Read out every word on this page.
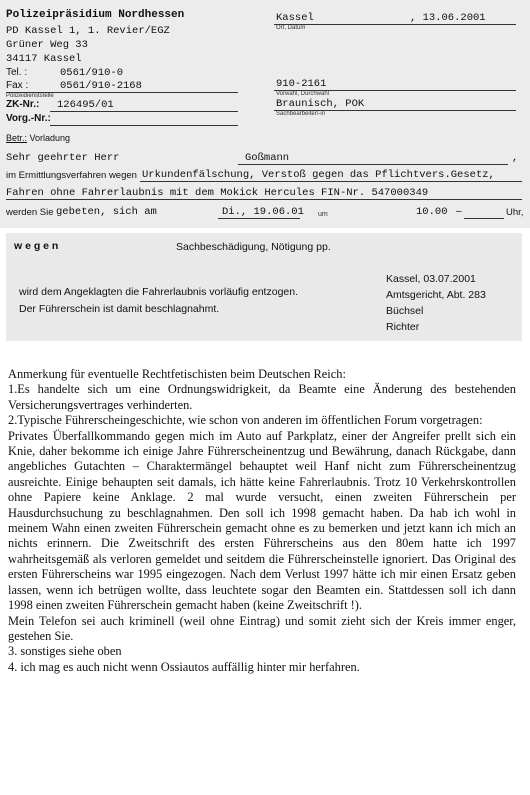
Polizeipräsidium Nordhessen
PD Kassel 1, 1. Revier/EGZ
Grüner Weg 33
34117 Kassel
Tel. :	0561/910-0
Fax :	0561/910-2168
Polizeidienststelle
ZK-Nr.: 126495/01
Vorg.-Nr.:
Betr.: Vorladung
Kassel	, 13.06.2001
Ort, Datum
910-2161
Vorwahl, Durchwahl
Braunisch, POK
Sachbearbeiter/-in
Sehr geehrter Herr	Goßmann	,
im Ermittlungsverfahren wegen Urkundenfälschung, Verstoß gegen das Pflichtvers.Gesetz,
Fahren ohne Fahrerlaubnis mit dem Mokick Hercules FIN-Nr. 547000349
werden Sie gebeten, sich am	Di., 19.06.01 um	10.00 –	Uhr,
w e g e n	Sachbeschädigung, Nötigung pp.
wird dem Angeklagten die Fahrerlaubnis vorläufig entzogen.
Der Führerschein ist damit beschlagnahmt.
Kassel, 03.07.2001
Amtsgericht, Abt. 283
Büchsel
Richter

Anmerkung für eventuelle Rechtfetischisten beim Deutschen Reich:

1.Es handelte sich um eine Ordnungswidrigkeit, da Beamte eine Änderung des bestehenden Versicherungsvertrages verhinderten.

2.Typische Führerscheingeschichte, wie schon von anderen im öffentlichen Forum vorgetragen:

Privates Überfallkommando gegen mich im Auto auf Parkplatz, einer der Angreifer prellt sich ein Knie, daher bekomme ich einige Jahre Führerscheinentzug und Bewährung, danach Rückgabe, dann angebliches Gutachten – Charaktermängel behauptet weil Hanf nicht zum Führerscheinentzug ausreichte. Einige behaupten seit damals, ich hätte keine Fahrerlaubnis. Trotz 10 Verkehrskontrollen ohne Papiere keine Anklage. 2 mal wurde versucht, einen zweiten Führerschein per Hausdurchsuchung zu beschlagnahmen. Den soll ich 1998 gemacht haben. Da hab ich wohl in meinem Wahn einen zweiten Führerschein gemacht ohne es zu bemerken und jetzt kann ich mich an nichts erinnern. Die Zweitschrift des ersten Führerscheins aus den 80em hatte ich 1997 wahrheitsgemäß als verloren gemeldet und seitdem die Führerscheinstelle ignoriert. Das Original des ersten Führerscheins war 1995 eingezogen. Nach dem Verlust 1997 hätte ich mir einen Ersatz geben lassen, wenn ich betrügen wollte, dass leuchtete sogar den Beamten ein. Stattdessen soll ich dann 1998 einen zweiten Führerschein gemacht haben (keine Zweitschrift !).

Mein Telefon sei auch kriminell (weil ohne Eintrag) und somit zieht sich der Kreis immer enger, gestehen Sie.

3. sonstiges siehe oben

4. ich mag es auch nicht wenn Ossiautos auffällig hinter mir herfahren.
